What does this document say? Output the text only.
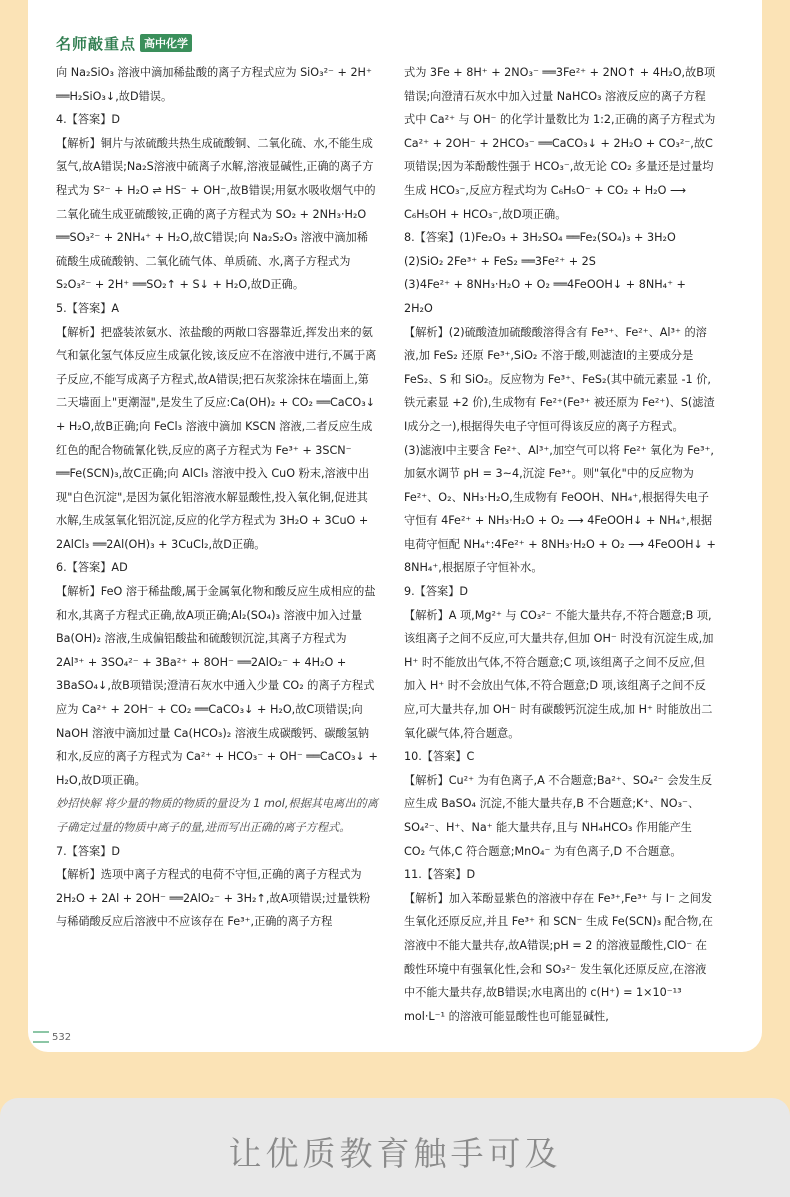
名师敲重点 高中化学

向 Na₂SiO₃ 溶液中滴加稀盐酸的离子方程式应为 SiO₃²⁻ + 2H⁺ ══H₂SiO₃↓,故D错误。

4.【答案】D

【解析】铜片与浓硫酸共热生成硫酸铜、二氧化硫、水,不能生成氢气,故A错误;Na₂S溶液中硫离子水解,溶液显碱性,正确的离子方程式为 S²⁻ + H₂O ⇌ HS⁻ + OH⁻,故B错误;用氨水吸收烟气中的二氧化硫生成亚硫酸铵,正确的离子方程式为 SO₂ + 2NH₃·H₂O ══SO₃²⁻ + 2NH₄⁺ + H₂O,故C错误;向 Na₂S₂O₃ 溶液中滴加稀硫酸生成硫酸钠、二氧化硫气体、单质硫、水,离子方程式为 S₂O₃²⁻ + 2H⁺ ══SO₂↑ + S↓ + H₂O,故D正确。

5.【答案】A

【解析】把盛装浓氨水、浓盐酸的两敞口容器靠近,挥发出来的氨气和氯化氢气体反应生成氯化铵,该反应不在溶液中进行,不属于离子反应,不能写成离子方程式,故A错误;把石灰浆涂抹在墙面上,第二天墙面上"更潮湿",是发生了反应:Ca(OH)₂ + CO₂ ══CaCO₃↓ + H₂O,故B正确;向 FeCl₃ 溶液中滴加 KSCN 溶液,二者反应生成红色的配合物硫氰化铁,反应的离子方程式为 Fe³⁺ + 3SCN⁻ ══Fe(SCN)₃,故C正确;向 AlCl₃ 溶液中投入 CuO 粉末,溶液中出现"白色沉淀",是因为氯化铝溶液水解显酸性,投入氧化铜,促进其水解,生成氢氧化铝沉淀,反应的化学方程式为 3H₂O + 3CuO + 2AlCl₃ ══2Al(OH)₃ + 3CuCl₂,故D正确。

6.【答案】AD

【解析】FeO 溶于稀盐酸,属于金属氧化物和酸反应生成相应的盐和水,其离子方程式正确,故A项正确;Al₂(SO₄)₃ 溶液中加入过量 Ba(OH)₂ 溶液,生成偏铝酸盐和硫酸钡沉淀,其离子方程式为 2Al³⁺ + 3SO₄²⁻ + 3Ba²⁺ + 8OH⁻ ══2AlO₂⁻ + 4H₂O + 3BaSO₄↓,故B项错误;澄清石灰水中通入少量 CO₂ 的离子方程式应为 Ca²⁺ + 2OH⁻ + CO₂ ══CaCO₃↓ + H₂O,故C项错误;向 NaOH 溶液中滴加过量 Ca(HCO₃)₂ 溶液生成碳酸钙、碳酸氢钠和水,反应的离子方程式为 Ca²⁺ + HCO₃⁻ + OH⁻ ══CaCO₃↓ + H₂O,故D项正确。

妙招快解 将少量的物质的物质的量设为 1 mol,根据其电离出的离子确定过量的物质中离子的量,进而写出正确的离子方程式。

7.【答案】D

【解析】选项中离子方程式的电荷不守恒,正确的离子方程式为 2H₂O + 2Al + 2OH⁻ ══2AlO₂⁻ + 3H₂↑,故A项错误;过量铁粉与稀硝酸反应后溶液中不应该存在 Fe³⁺,正确的离子方程

式为 3Fe + 8H⁺ + 2NO₃⁻ ══3Fe²⁺ + 2NO↑ + 4H₂O,故B项错误;向澄清石灰水中加入过量 NaHCO₃ 溶液反应的离子方程式中 Ca²⁺ 与 OH⁻ 的化学计量数比为 1:2,正确的离子方程式为 Ca²⁺ + 2OH⁻ + 2HCO₃⁻ ══CaCO₃↓ + 2H₂O + CO₃²⁻,故C项错误;因为苯酚酸性强于 HCO₃⁻,故无论 CO₂ 多量还是过量均生成 HCO₃⁻,反应方程式均为 C₆H₅O⁻ + CO₂ + H₂O ⟶ C₆H₅OH + HCO₃⁻,故D项正确。

8.【答案】(1)Fe₂O₃ + 3H₂SO₄ ══Fe₂(SO₄)₃ + 3H₂O

(2)SiO₂ 2Fe³⁺ + FeS₂ ══3Fe²⁺ + 2S

(3)4Fe²⁺ + 8NH₃·H₂O + O₂ ══4FeOOH↓ + 8NH₄⁺ + 2H₂O

【解析】(2)硫酸渣加硫酸酸溶得含有 Fe³⁺、Fe²⁺、Al³⁺ 的溶液,加 FeS₂ 还原 Fe³⁺,SiO₂ 不溶于酸,则滤渣Ⅰ的主要成分是 FeS₂、S 和 SiO₂。反应物为 Fe³⁺、FeS₂(其中硫元素显 -1 价,铁元素显 +2 价),生成物有 Fe²⁺(Fe³⁺ 被还原为 Fe²⁺)、S(滤渣Ⅰ成分之一),根据得失电子守恒可得该反应的离子方程式。

(3)滤液Ⅰ中主要含 Fe²⁺、Al³⁺,加空气可以将 Fe²⁺ 氧化为 Fe³⁺,加氨水调节 pH = 3~4,沉淀 Fe³⁺。则"氧化"中的反应物为 Fe²⁺、O₂、NH₃·H₂O,生成物有 FeOOH、NH₄⁺,根据得失电子守恒有 4Fe²⁺ + NH₃·H₂O + O₂ ⟶ 4FeOOH↓ + NH₄⁺,根据电荷守恒配 NH₄⁺:4Fe²⁺ + 8NH₃·H₂O + O₂ ⟶ 4FeOOH↓ + 8NH₄⁺,根据原子守恒补水。

9.【答案】D

【解析】A 项,Mg²⁺ 与 CO₃²⁻ 不能大量共存,不符合题意;B 项,该组离子之间不反应,可大量共存,但加 OH⁻ 时没有沉淀生成,加 H⁺ 时不能放出气体,不符合题意;C 项,该组离子之间不反应,但加入 H⁺ 时不会放出气体,不符合题意;D 项,该组离子之间不反应,可大量共存,加 OH⁻ 时有碳酸钙沉淀生成,加 H⁺ 时能放出二氧化碳气体,符合题意。

10.【答案】C

【解析】Cu²⁺ 为有色离子,A 不合题意;Ba²⁺、SO₄²⁻ 会发生反应生成 BaSO₄ 沉淀,不能大量共存,B 不合题意;K⁺、NO₃⁻、SO₄²⁻、H⁺、Na⁺ 能大量共存,且与 NH₄HCO₃ 作用能产生 CO₂ 气体,C 符合题意;MnO₄⁻ 为有色离子,D 不合题意。

11.【答案】D

【解析】加入苯酚显紫色的溶液中存在 Fe³⁺,Fe³⁺ 与 I⁻ 之间发生氧化还原反应,并且 Fe³⁺ 和 SCN⁻ 生成 Fe(SCN)₃ 配合物,在溶液中不能大量共存,故A错误;pH = 2 的溶液显酸性,ClO⁻ 在酸性环境中有强氧化性,会和 SO₃²⁻ 发生氧化还原反应,在溶液中不能大量共存,故B错误;水电离出的 c(H⁺) = 1×10⁻¹³ mol·L⁻¹ 的溶液可能显酸性也可能显碱性,

532
让优质教育触手可及
